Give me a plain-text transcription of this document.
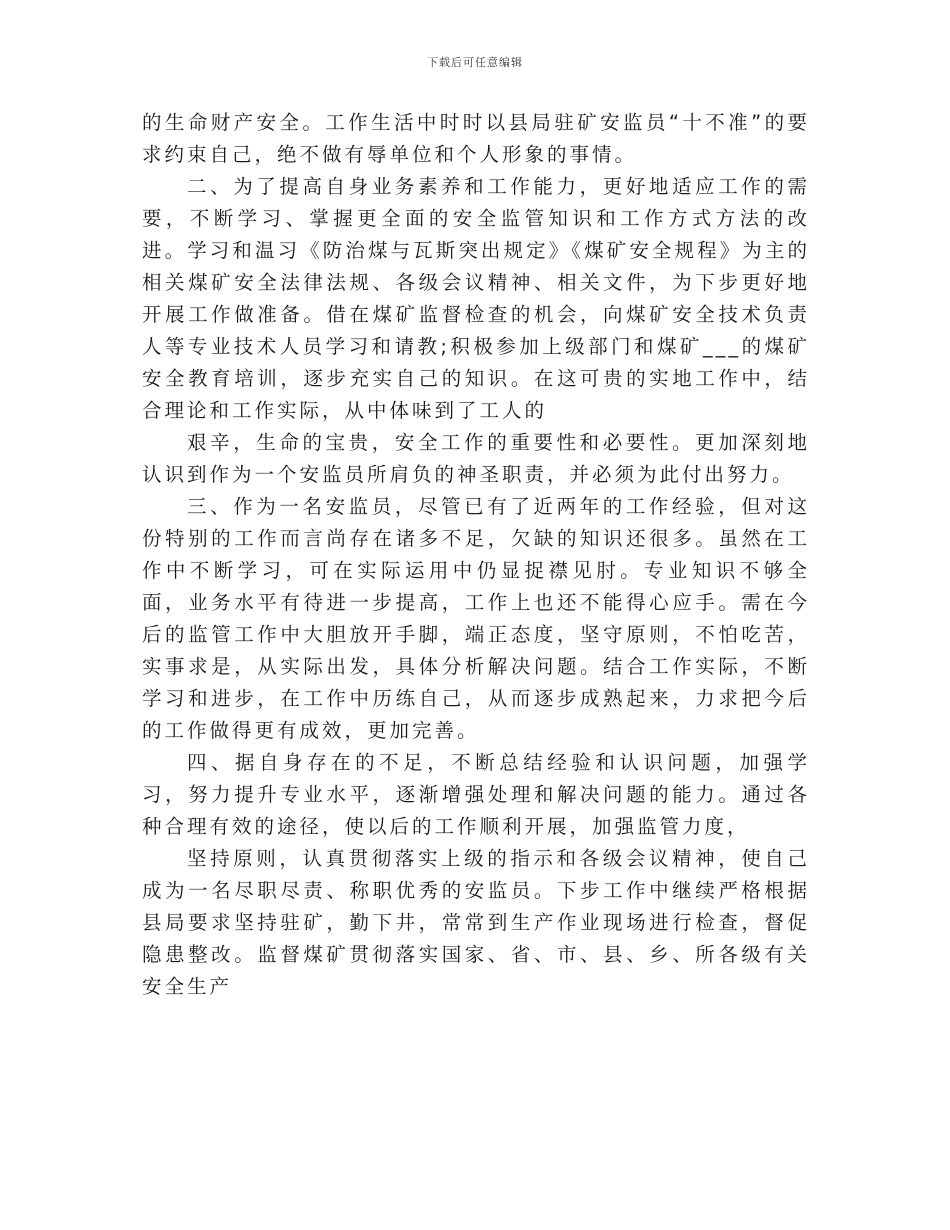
下载后可任意编辑

的生命财产安全。工作生活中时时以县局驻矿安监员“十不准”的要求约束自己，绝不做有辱单位和个人形象的事情。

二、为了提高自身业务素养和工作能力，更好地适应工作的需要，不断学习、掌握更全面的安全监管知识和工作方式方法的改进。学习和温习《防治煤与瓦斯突出规定》《煤矿安全规程》为主的相关煤矿安全法律法规、各级会议精神、相关文件，为下步更好地开展工作做准备。借在煤矿监督检查的机会，向煤矿安全技术负责人等专业技术人员学习和请教;积极参加上级部门和煤矿___的煤矿安全教育培训，逐步充实自己的知识。在这可贵的实地工作中，结合理论和工作实际，从中体味到了工人的

艰辛，生命的宝贵，安全工作的重要性和必要性。更加深刻地认识到作为一个安监员所肩负的神圣职责，并必须为此付出努力。

三、作为一名安监员，尽管已有了近两年的工作经验，但对这份特别的工作而言尚存在诸多不足，欠缺的知识还很多。虽然在工作中不断学习，可在实际运用中仍显捉襟见肘。专业知识不够全面，业务水平有待进一步提高，工作上也还不能得心应手。需在今后的监管工作中大胆放开手脚，端正态度，坚守原则，不怕吃苦，实事求是，从实际出发，具体分析解决问题。结合工作实际，不断学习和进步，在工作中历练自己，从而逐步成熟起来，力求把今后的工作做得更有成效，更加完善。

四、据自身存在的不足，不断总结经验和认识问题，加强学习，努力提升专业水平，逐渐增强处理和解决问题的能力。通过各种合理有效的途径，使以后的工作顺利开展，加强监管力度，

坚持原则，认真贯彻落实上级的指示和各级会议精神，使自己成为一名尽职尽责、称职优秀的安监员。下步工作中继续严格根据县局要求坚持驻矿，勤下井，常常到生产作业现场进行检查，督促隐患整改。监督煤矿贯彻落实国家、省、市、县、乡、所各级有关安全生产
